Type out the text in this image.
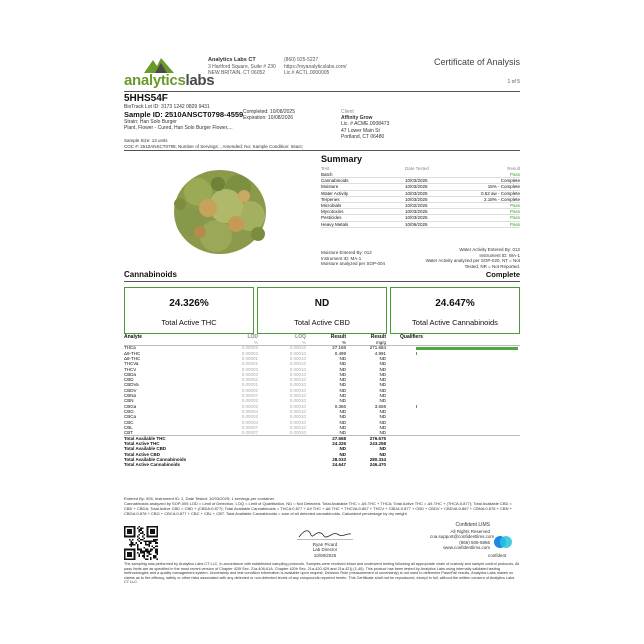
analyticslabs
Analytics Labs CT
3 Hartford Square, Suite # 230
NEW BRITAIN, CT 06052
(860) 925-5227
https://myanalyticslabs.com/
Lic.# ACTL.0000005
Certificate of Analysis
1 of 5
5HHS54F
BioTrack Lot ID: 3173 1242 0829 9431
Sample ID: 2510ANSCT0798-4559
Strain: Han Solo Burger
Plant, Flower - Cured, Han Solo Burger Flower,...
Completed: 10/08/2025
Expiration: 10/08/2026
Client
Affinity Grow
Lic. # ACME.0008473
47 Lower Main St
Portland, CT 06480
Sample Size: 13 units
COC #: 2510ANSCT0798; Number of Servings: ; Amended: No; Sample Condition: Intact;
Summary
Test	Date Tested	Result
Batch	Pass
Cannabinoids	10/03/2025	Complete
Moisture	10/03/2025	15% - Complete
Water Activity	10/03/2025	0.53 aw - Complete
Terpenes	10/03/2025	2.18% - Complete
Microbials	10/02/2025	Pass
Mycotoxins	10/03/2025	Pass
Pesticides	10/03/2025	Pass
Heavy Metals	10/06/2025	Pass
Moisture Entered By: 012
Instrument ID: MA-1
Moisture analyzed per SOP-004
Water Activity Entered By: 012
Instrument ID: WA-1
Water Activity analyzed per SOP-020. NT = Not
Tested, NR = Not Reported.
Cannabinoids	Complete
24.326%
Total Active THC
ND
Total Active CBD
24.647%
Total Active Cannabinoids
Analyte	LOD	LOQ	Result	Result	Qualifiers
%	%	%	mg/g
THCa	0.00003	0.00010	27.168	271.684
Δ9-THC	0.00003	0.00010	0.499	4.991
Δ8-THC	0.00001	0.00010	ND	ND
THCVa	0.00001	0.00010	ND	ND
THCV	0.00003	0.00010	ND	ND
CBDa	0.00002	0.00010	ND	ND
CBD	0.00002	0.00010	ND	ND
CBDVa	0.00001	0.00010	ND	ND
CBDV	0.00002	0.00010	ND	ND
CBNa	0.00007	0.00010	ND	ND
CBN	0.00002	0.00010	ND	ND
CBGa	0.00002	0.00010	0.366	3.659
CBG	0.00004	0.00010	ND	ND
CBCa	0.00002	0.00010	ND	ND
CBC	0.00004	0.00010	ND	ND
CBL	0.00007	0.00010	ND	ND
CBT	0.00007	0.00010	ND	ND
Total Available THC	27.668	276.675
Total Active THC	24.326	243.258
Total Available CBD	ND	ND
Total Active CBD	ND	ND
Total Available Cannabinoids	28.033	280.334
Total Active Cannabinoids	24.647	246.470
Entered By: 005, Instrument ID: 2, Date Tested: 10/03/2025; 1 servings per container.
Cannabinoids analyzed by SOP-005 LOD = Limit of Detection, LOQ = Limit of Quantitation, ND = Not Detected. Total Available THC = Δ9-THC + THCA; Total Active THC = Δ9-THC + (THCA:0.877); Total Available CBD = CBD + CBDA; Total Active CBD = CBD + (CBDA:0.877); Total Available Cannabinoids = THCA:0.877 + Δ9 THC + Δ8 THC + THCVA:0.867 + THCV + CBDA:0.877 + CBD + CBDV + CBDVA:0.867 + CBNA:0.876 + CBN + CBGA:0.878 + CBG + CBCA:0.877 + CBC + CBL + CBT. Total Available Cannabinoids = sum of all detected cannabinoids. Calculated percentage by dry weight
Ryan Picard
Lab Director
10/08/2025
Confident LIMS
All Rights Reserved
coa.support@confidentlims.com
(866) 506-5866
www.confidentlims.com
confident
The sampling was performed by Analytics Labs CT LLC, in accordance with established sampling protocols. Samples were received intact and underwent testing following all appropriate chain of custody and sample control protocols. All pass limits are as specified in the most recent version of Chapter 420f Sec. 21a-408-61A. Chapter 420h Sec. 21a-420-429 and 21a-421j (1-40). This product has been tested by Analytics Labs using internally validated testing methodologies and a quality management system. Uncertainty and test condition information is available upon request. Decision Rule (measurement of uncertainty) is not used to determine Pass/Fail results. Analytics Labs makes no claims as to the efficacy, safety or other risks associated with any detected or non-detected levels of any compounds reported herein. This Certificate shall not be reproduced, except in full, without the written consent of Analytics Labs CT LLC.
